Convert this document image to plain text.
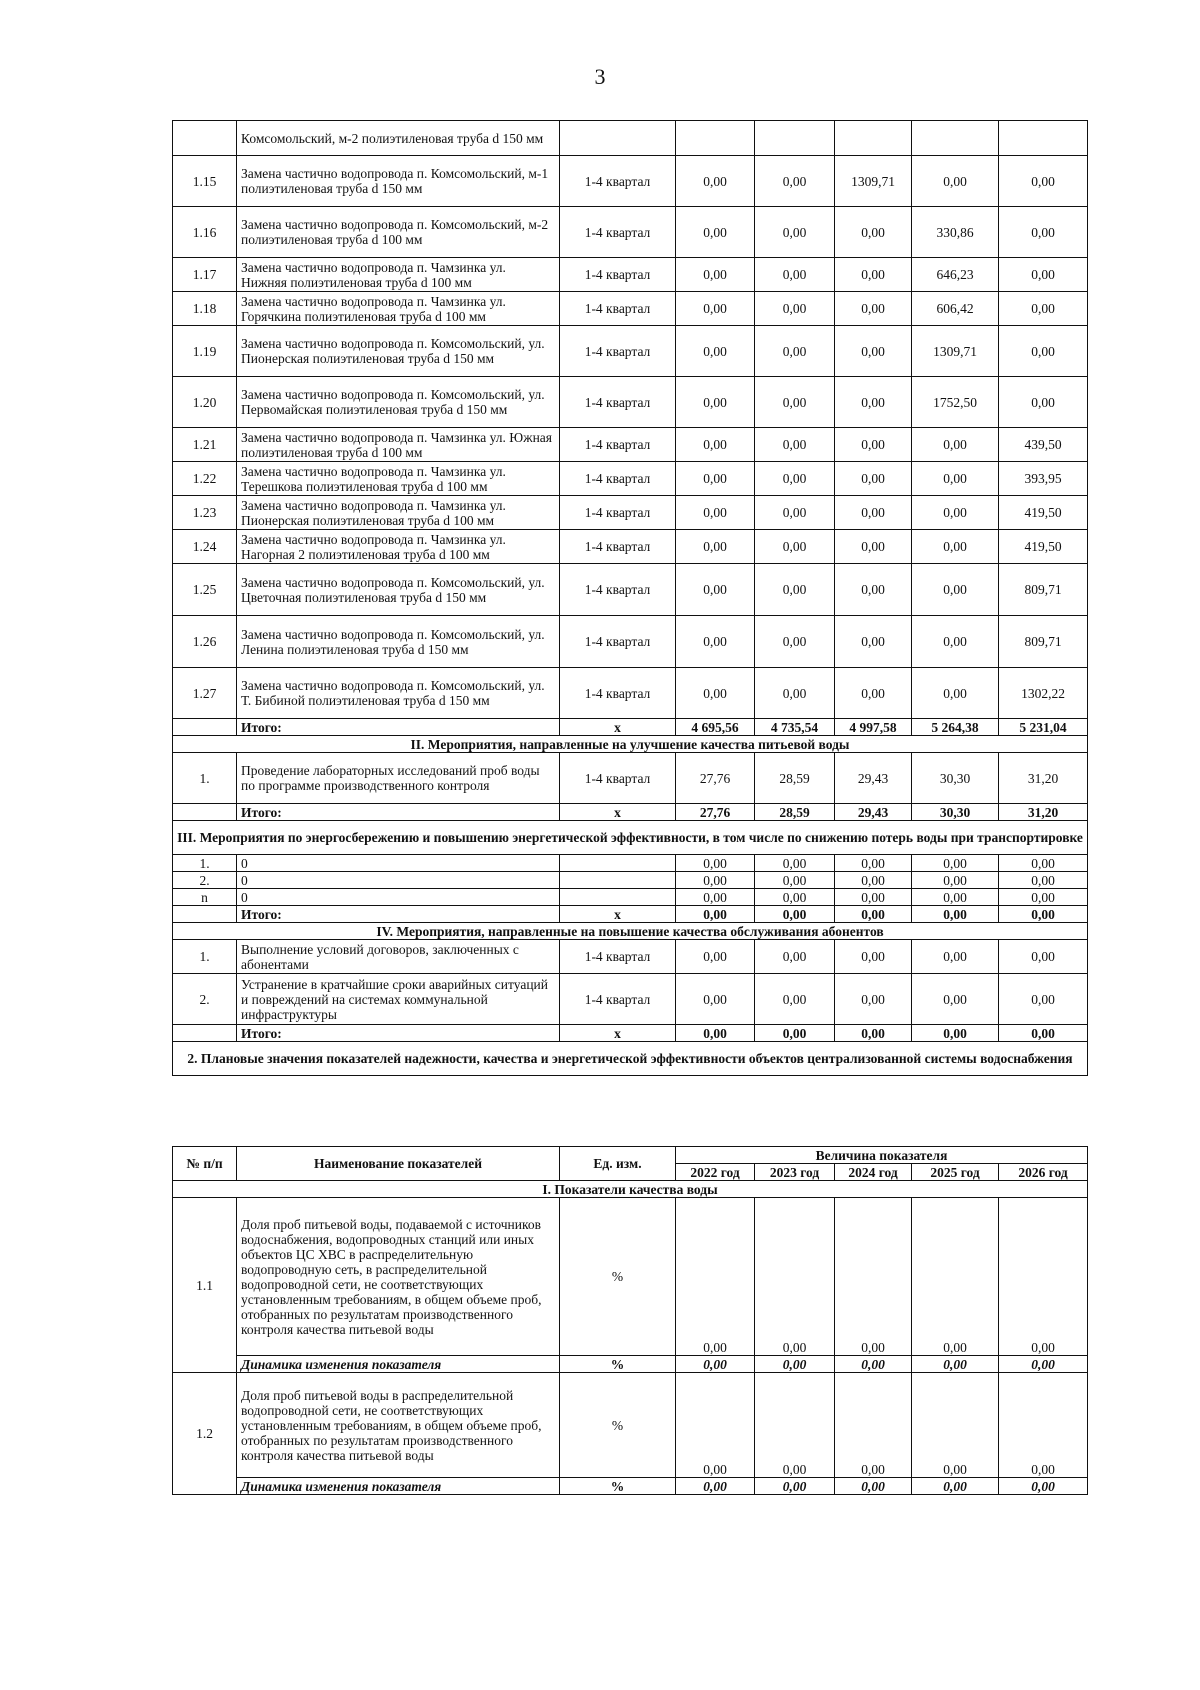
3
	Комсомольский, м-2 полиэтиленовая труба d 150 мм						
1.15	Замена частично водопровода п. Комсомольский, м-1 полиэтиленовая труба d 150 мм	1-4 квартал	0,00	0,00	1309,71	0,00	0,00
1.16	Замена частично водопровода п. Комсомольский, м-2 полиэтиленовая труба d 100 мм	1-4 квартал	0,00	0,00	0,00	330,86	0,00
1.17	Замена частично водопровода п. Чамзинка ул. Нижняя полиэтиленовая труба d 100 мм	1-4 квартал	0,00	0,00	0,00	646,23	0,00
1.18	Замена частично водопровода п. Чамзинка ул. Горячкина полиэтиленовая труба d 100 мм	1-4 квартал	0,00	0,00	0,00	606,42	0,00
1.19	Замена частично водопровода п. Комсомольский, ул. Пионерская полиэтиленовая труба d 150 мм	1-4 квартал	0,00	0,00	0,00	1309,71	0,00
1.20	Замена частично водопровода п. Комсомольский, ул. Первомайская полиэтиленовая труба d 150 мм	1-4 квартал	0,00	0,00	0,00	1752,50	0,00
1.21	Замена частично водопровода п. Чамзинка ул. Южная полиэтиленовая труба d 100 мм	1-4 квартал	0,00	0,00	0,00	0,00	439,50
1.22	Замена частично водопровода п. Чамзинка ул. Терешкова полиэтиленовая труба d 100 мм	1-4 квартал	0,00	0,00	0,00	0,00	393,95
1.23	Замена частично водопровода п. Чамзинка ул. Пионерская полиэтиленовая труба d 100 мм	1-4 квартал	0,00	0,00	0,00	0,00	419,50
1.24	Замена частично водопровода п. Чамзинка ул. Нагорная 2 полиэтиленовая труба d 100 мм	1-4 квартал	0,00	0,00	0,00	0,00	419,50
1.25	Замена частично водопровода п. Комсомольский, ул. Цветочная полиэтиленовая труба d 150 мм	1-4 квартал	0,00	0,00	0,00	0,00	809,71
1.26	Замена частично водопровода п. Комсомольский, ул. Ленина полиэтиленовая труба d 150 мм	1-4 квартал	0,00	0,00	0,00	0,00	809,71
1.27	Замена частично водопровода п. Комсомольский, ул. Т. Бибиной полиэтиленовая труба d 150 мм	1-4 квартал	0,00	0,00	0,00	0,00	1302,22
	Итого:	х	4 695,56	4 735,54	4 997,58	5 264,38	5 231,04
II. Мероприятия, направленные на улучшение качества питьевой воды							
1.	Проведение лабораторных исследований проб воды по программе производственного контроля	1-4 квартал	27,76	28,59	29,43	30,30	31,20
	Итого:	х	27,76	28,59	29,43	30,30	31,20
III. Мероприятия по энергосбережению и повышению энергетической эффективности, в том числе по снижению потерь воды при транспортировке							
1.	0		0,00	0,00	0,00	0,00	0,00
2.	0		0,00	0,00	0,00	0,00	0,00
n	0		0,00	0,00	0,00	0,00	0,00
	Итого:	х	0,00	0,00	0,00	0,00	0,00
IV. Мероприятия, направленные на повышение качества обслуживания абонентов							
1.	Выполнение условий договоров, заключенных с абонентами	1-4 квартал	0,00	0,00	0,00	0,00	0,00
2.	Устранение в кратчайшие сроки аварийных ситуаций и повреждений на системах коммунальной инфраструктуры	1-4 квартал	0,00	0,00	0,00	0,00	0,00
	Итого:	х	0,00	0,00	0,00	0,00	0,00
2. Плановые значения показателей надежности, качества и энергетической эффективности объектов централизованной системы водоснабжения							
№ п/п	Наименование показателей	Ед. изм.	Величина показателя				
			2022 год	2023 год	2024 год	2025 год	2026 год
I. Показатели качества воды							
1.1	Доля проб питьевой воды, подаваемой с источников водоснабжения, водопроводных станций или иных объектов ЦС ХВС в распределительную водопроводную сеть, в распределительной водопроводной сети, не соответствующих установленным требованиям, в общем объеме проб, отобранных по результатам производственного контроля качества питьевой воды	%	0,00	0,00	0,00	0,00	0,00
	Динамика изменения показателя	%	0,00	0,00	0,00	0,00	0,00
1.2	Доля проб питьевой воды в распределительной водопроводной сети, не соответствующих установленным требованиям, в общем объеме проб, отобранных по результатам производственного контроля качества питьевой воды	%	0,00	0,00	0,00	0,00	0,00
	Динамика изменения показателя	%	0,00	0,00	0,00	0,00	0,00
